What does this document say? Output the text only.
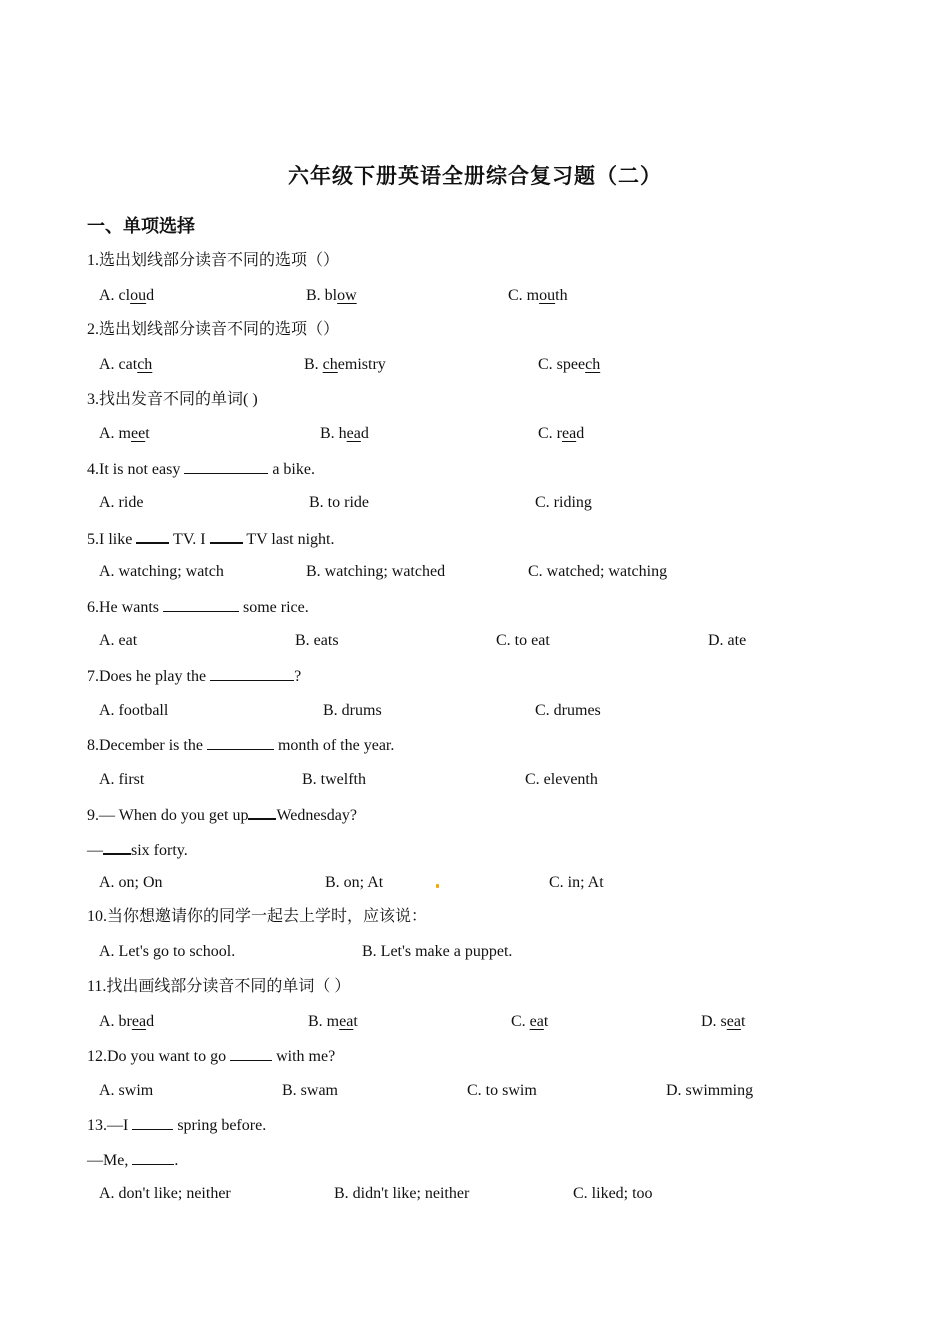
六年级下册英语全册综合复习题（二）
一、单项选择
1.选出划线部分读音不同的选项（）
A. cloud	B. blow	C. mouth
2.选出划线部分读音不同的选项（）
A. catch	B. chemistry	C. speech
3.找出发音不同的单词( )
A. meet	B. head	C. read
4.It is not easy	a bike.
A. ride	B. to ride	C. riding
5.I like  TV. I  TV last night.
A. watching; watch	B. watching; watched	C. watched; watching
6.He wants	some rice.
A. eat	B. eats	C. to eat	D. ate
7.Does he play the	?
A. football	B. drums	C. drumes
8.December is the	month of the year.
A. first	B. twelfth	C. eleventh
9.— When do you get up Wednesday?
— six forty.
A. on; On	B. on; At	C. in; At
10.当你想邀请你的同学一起去上学时，应该说：
A. Let's go to school.	B. Let's make a puppet.
11.找出画线部分读音不同的单词（ ）
A. bread	B. meat	C. eat	D. seat
12.Do you want to go	with me?
A. swim	B. swam	C. to swim	D. swimming
13.—I	spring before.
—Me,	.
A. don't like; neither	B. didn't like; neither	C. liked; too
